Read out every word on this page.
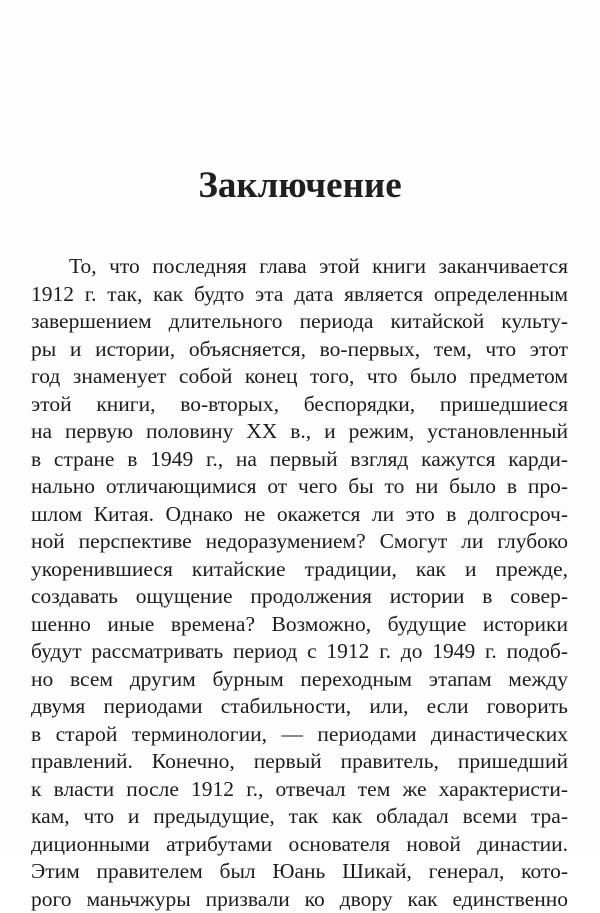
Заключение
То, что последняя глава этой книги заканчивается
1912 г. так, как будто эта дата является определенным
завершением длительного периода китайской культу-
ры и истории, объясняется, во-первых, тем, что этот
год знаменует собой конец того, что было предметом
этой книги, во-вторых, беспорядки, пришедшиеся
на первую половину XX в., и режим, установленный
в стране в 1949 г., на первый взгляд кажутся карди-
нально отличающимися от чего бы то ни было в про-
шлом Китая. Однако не окажется ли это в долгосроч-
ной перспективе недоразумением? Смогут ли глубоко
укоренившиеся китайские традиции, как и прежде,
создавать ощущение продолжения истории в совер-
шенно иные времена? Возможно, будущие историки
будут рассматривать период с 1912 г. до 1949 г. подоб-
но всем другим бурным переходным этапам между
двумя периодами стабильности, или, если говорить
в старой терминологии, — периодами династических
правлений. Конечно, первый правитель, пришедший
к власти после 1912 г., отвечал тем же характеристи-
кам, что и предыдущие, так как обладал всеми тра-
диционными атрибутами основателя новой династии.
Этим правителем был Юань Шикай, генерал, кото-
рого маньчжуры призвали ко двору как единственно
